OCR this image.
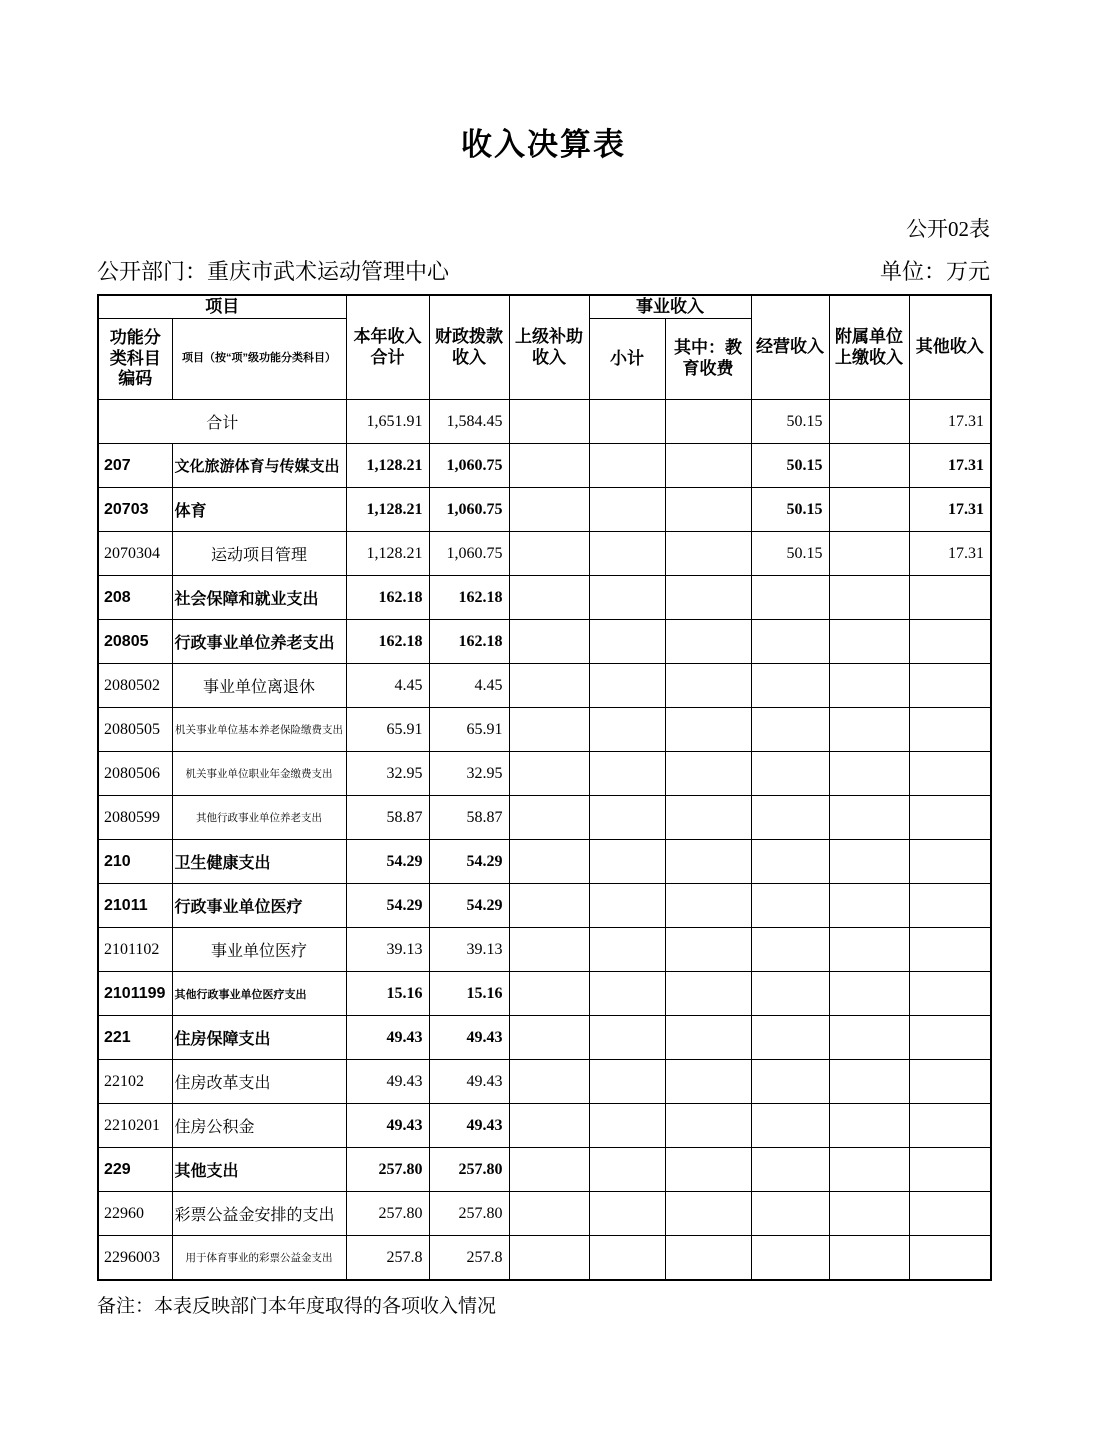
收入决算表
公开02表
公开部门：重庆市武术运动管理中心	单位：万元
项目		本年收入合计	财政拨款收入	上级补助收入	事业收入		经营收入	附属单位上缴收入	其他收入
功能分类科目编码	项目（按“项”级功能分类科目）				小计	其中：教育收费			
合计		1,651.91	1,584.45				50.15		17.31
207	文化旅游体育与传媒支出	1,128.21	1,060.75				50.15		17.31
20703	体育	1,128.21	1,060.75				50.15		17.31
2070304	运动项目管理	1,128.21	1,060.75				50.15		17.31
208	社会保障和就业支出	162.18	162.18						
20805	行政事业单位养老支出	162.18	162.18						
2080502	事业单位离退休	4.45	4.45						
2080505	机关事业单位基本养老保险缴费支出	65.91	65.91						
2080506	机关事业单位职业年金缴费支出	32.95	32.95						
2080599	其他行政事业单位养老支出	58.87	58.87						
210	卫生健康支出	54.29	54.29						
21011	行政事业单位医疗	54.29	54.29						
2101102	事业单位医疗	39.13	39.13						
2101199	其他行政事业单位医疗支出	15.16	15.16						
221	住房保障支出	49.43	49.43						
22102	住房改革支出	49.43	49.43						
2210201	住房公积金	49.43	49.43						
229	其他支出	257.80	257.80						
22960	彩票公益金安排的支出	257.80	257.80						
2296003	用于体育事业的彩票公益金支出	257.8	257.8						
备注：本表反映部门本年度取得的各项收入情况
